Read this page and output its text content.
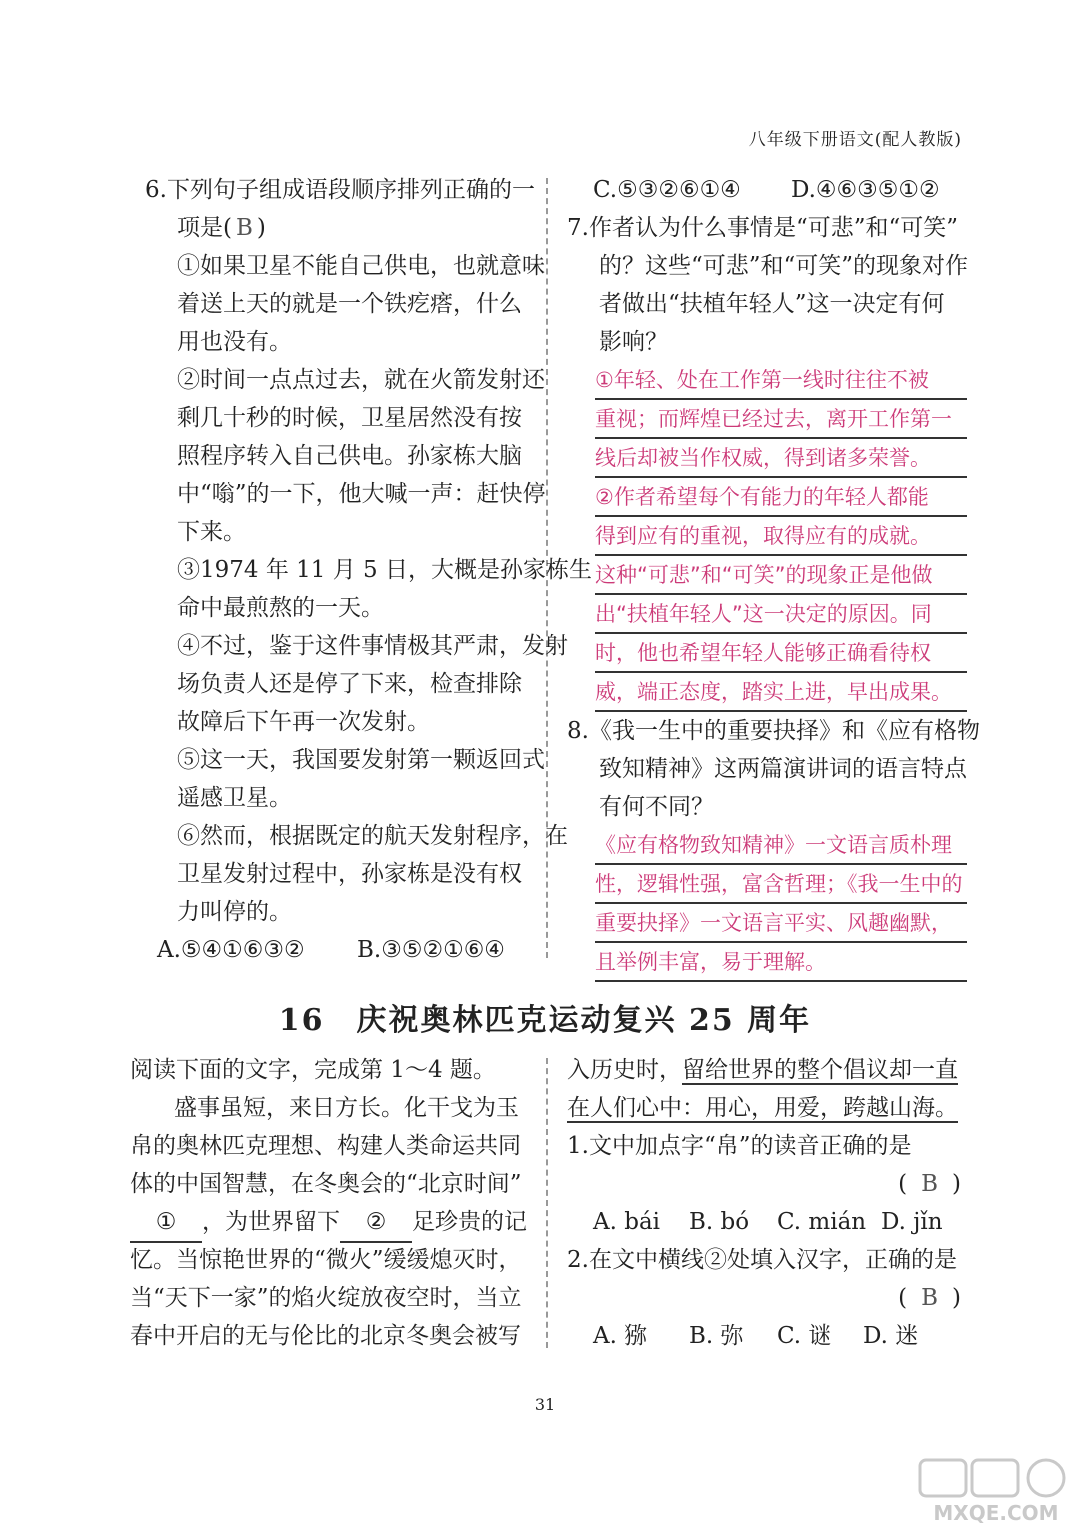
八年级下册语文(配人教版)
6.下列句子组成语段顺序排列正确的一
项是( B )
①如果卫星不能自己供电，也就意味
着送上天的就是一个铁疙瘩，什么
用也没有。
②时间一点点过去，就在火箭发射还
剩几十秒的时候，卫星居然没有按
照程序转入自己供电。孙家栋大脑
中“嗡”的一下，他大喊一声：赶快停
下来。
③1974 年 11 月 5 日，大概是孙家栋生
命中最煎熬的一天。
④不过，鉴于这件事情极其严肃，发射
场负责人还是停了下来，检查排除
故障后下午再一次发射。
⑤这一天，我国要发射第一颗返回式
遥感卫星。
⑥然而，根据既定的航天发射程序，在
卫星发射过程中，孙家栋是没有权
力叫停的。
A.⑤④①⑥③② B.③⑤②①⑥④
C.⑤③②⑥①④ D.④⑥③⑤①②
7.作者认为什么事情是“可悲”和“可笑”
的？这些“可悲”和“可笑”的现象对作
者做出“扶植年轻人”这一决定有何
影响？
①年轻、处在工作第一线时往往不被
重视；而辉煌已经过去，离开工作第一
线后却被当作权威，得到诸多荣誉。
②作者希望每个有能力的年轻人都能
得到应有的重视，取得应有的成就。
这种“可悲”和“可笑”的现象正是他做
出“扶植年轻人”这一决定的原因。同
时，他也希望年轻人能够正确看待权
威，端正态度，踏实上进，早出成果。
8.《我一生中的重要抉择》和《应有格物
致知精神》这两篇演讲词的语言特点
有何不同？
《应有格物致知精神》一文语言质朴理
性，逻辑性强，富含哲理；《我一生中的
重要抉择》一文语言平实、风趣幽默，
且举例丰富，易于理解。
16　庆祝奥林匹克运动复兴 25 周年
阅读下面的文字，完成第 1～4 题。
盛事虽短，来日方长。化干戈为玉
帛的奥林匹克理想、构建人类命运共同
体的中国智慧，在冬奥会的“北京时间”
① ，为世界留下 ② 足珍贵的记
忆。当惊艳世界的“微火”缓缓熄灭时，
当“天下一家”的焰火绽放夜空时，当立
春中开启的无与伦比的北京冬奥会被写
入历史时，留给世界的整个倡议却一直
在人们心中：用心，用爱，跨越山海。
1.文中加点字“帛”的读音正确的是
( B )
A. bái B. bó C. mián D. jǐn
2.在文中横线②处填入汉字，正确的是
( B )
A. 猕 B. 弥 C. 谜 D. 迷
31
MXQE.COM
